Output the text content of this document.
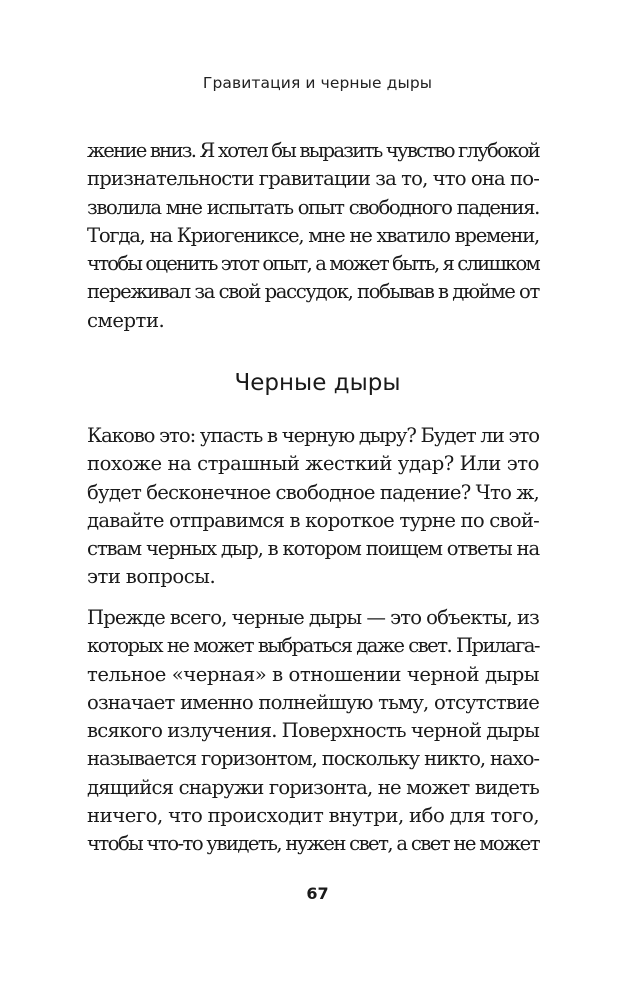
Гравитация и черные дыры
жение вниз. Я хотел бы выразить чувство глубокой
признательности гравитации за то, что она по-
зволила мне испытать опыт свободного падения.
Тогда, на Криогениксе, мне не хватило времени,
чтобы оценить этот опыт, а может быть, я слишком
переживал за свой рассудок, побывав в дюйме от
смерти.
Черные дыры
Каково это: упасть в черную дыру? Будет ли это
похоже на страшный жесткий удар? Или это
будет бесконечное свободное падение? Что ж,
давайте отправимся в короткое турне по свой-
ствам черных дыр, в котором поищем ответы на
эти вопросы.
Прежде всего, черные дыры — это объекты, из
которых не может выбраться даже свет. Прилага-
тельное «черная» в отношении черной дыры
означает именно полнейшую тьму, отсутствие
всякого излучения. Поверхность черной дыры
называется горизонтом, поскольку никто, нахо-
дящийся снаружи горизонта, не может видеть
ничего, что происходит внутри, ибо для того,
чтобы что-то увидеть, нужен свет, а свет не может
67
